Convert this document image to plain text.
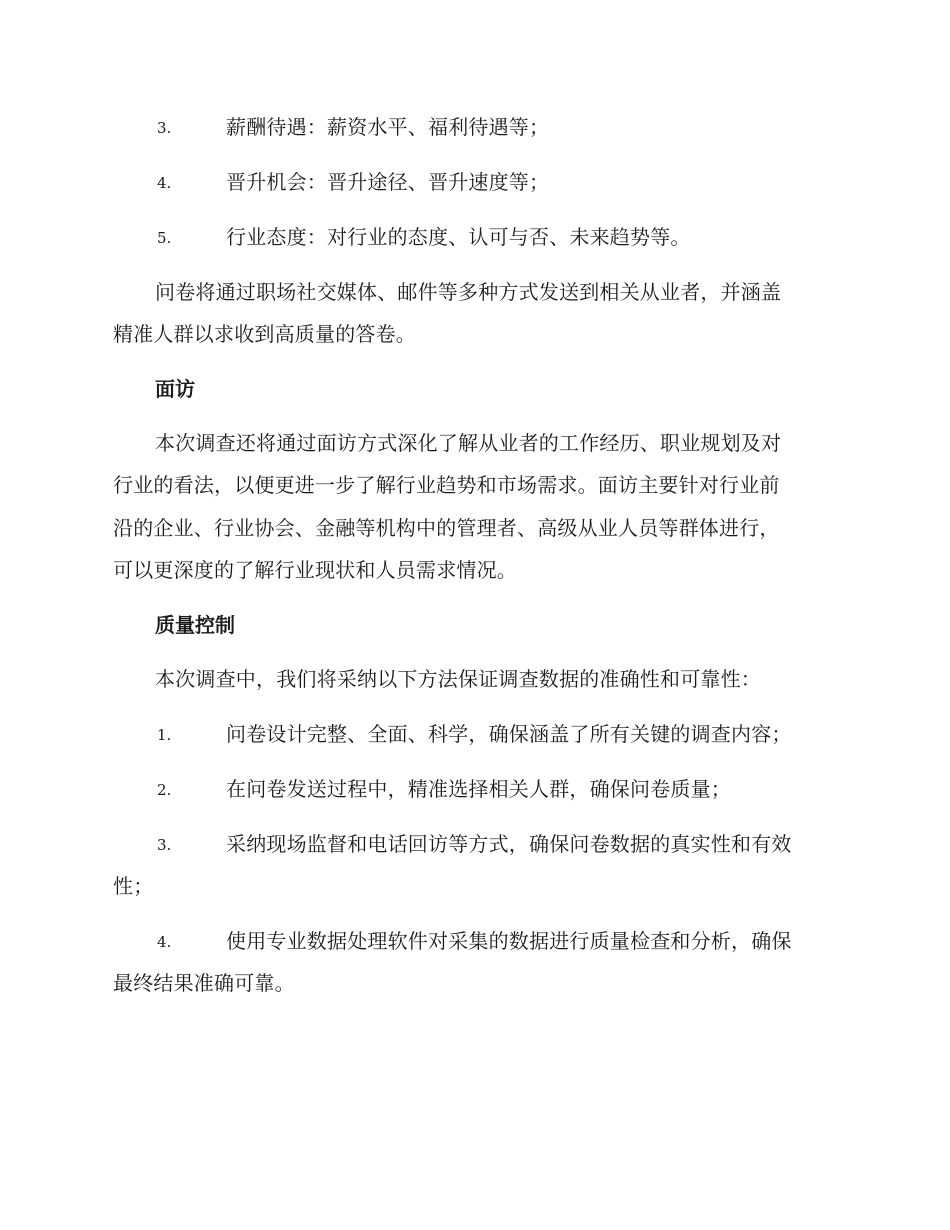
3.	薪酬待遇：薪资水平、福利待遇等；
4.	晋升机会：晋升途径、晋升速度等；
5.	行业态度：对行业的态度、认可与否、未来趋势等。
问卷将通过职场社交媒体、邮件等多种方式发送到相关从业者，并涵盖
精准人群以求收到高质量的答卷。
面访
本次调查还将通过面访方式深化了解从业者的工作经历、职业规划及对
行业的看法，以便更进一步了解行业趋势和市场需求。面访主要针对行业前
沿的企业、行业协会、金融等机构中的管理者、高级从业人员等群体进行，
可以更深度的了解行业现状和人员需求情况。
质量控制
本次调查中，我们将采纳以下方法保证调查数据的准确性和可靠性：
1.	问卷设计完整、全面、科学，确保涵盖了所有关键的调查内容；
2.	在问卷发送过程中，精准选择相关人群，确保问卷质量；
3.	采纳现场监督和电话回访等方式，确保问卷数据的真实性和有效
性；
4.	使用专业数据处理软件对采集的数据进行质量检查和分析，确保
最终结果准确可靠。
